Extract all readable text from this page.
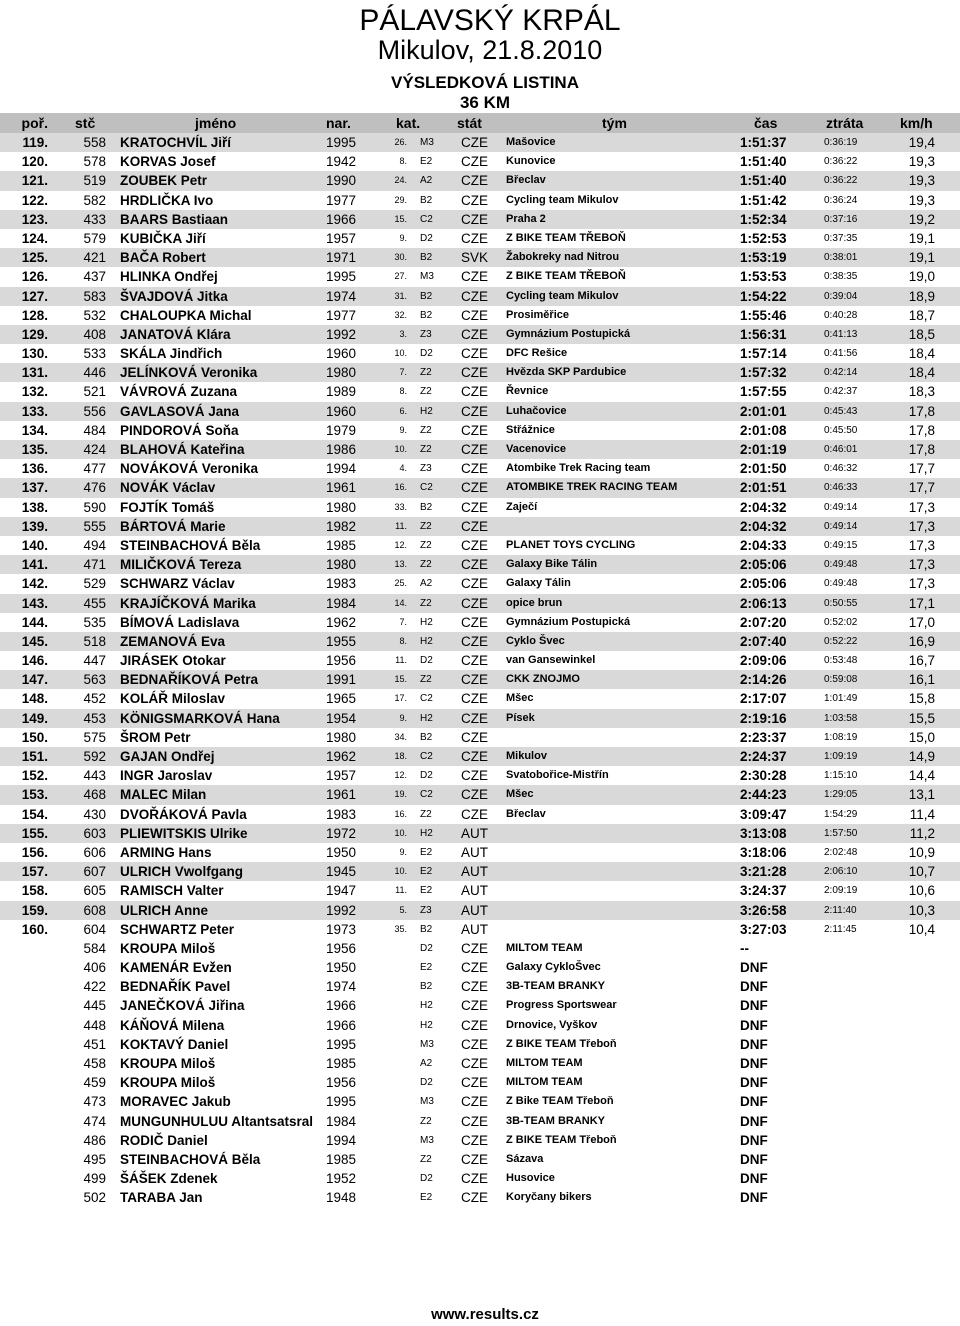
PÁLAVSKÝ KRPÁL
Mikulov, 21.8.2010
VÝSLEDKOVÁ LISTINA
36 KM
poř. stč	jméno	nar.	kat.	stát	tým	čas	ztráta	km/h
119.	558 KRATOCHVÍL Jiří	1995	26. M3 CZE Mašovice	1:51:37	0:36:19	19,4
120.	578 KORVAS Josef	1942	8. E2 CZE Kunovice	1:51:40	0:36:22	19,3
121.	519 ZOUBEK Petr	1990	24. A2 CZE Břeclav	1:51:40	0:36:22	19,3
122.	582 HRDLIČKA Ivo	1977	29. B2 CZE Cycling team Mikulov	1:51:42	0:36:24	19,3
123.	433 BAARS Bastiaan	1966	15. C2 CZE Praha 2	1:52:34	0:37:16	19,2
124.	579 KUBIČKA Jiří	1957	9. D2 CZE Z BIKE TEAM TŘEBOŇ	1:52:53	0:37:35	19,1
125.	421 BAČA Robert	1971	30. B2 SVK Žabokreky nad Nitrou	1:53:19	0:38:01	19,1
126.	437 HLINKA Ondřej	1995	27. M3 CZE Z BIKE TEAM TŘEBOŇ	1:53:53	0:38:35	19,0
127.	583 ŠVAJDOVÁ Jitka	1974	31. B2 CZE Cycling team Mikulov	1:54:22	0:39:04	18,9
128.	532 CHALOUPKA Michal	1977	32. B2 CZE Prosiměřice	1:55:46	0:40:28	18,7
129.	408 JANATOVÁ Klára	1992	3. Z3 CZE Gymnázium Postupická	1:56:31	0:41:13	18,5
130.	533 SKÁLA Jindřich	1960	10. D2 CZE DFC Rešice	1:57:14	0:41:56	18,4
131.	446 JELÍNKOVÁ Veronika	1980	7. Z2 CZE Hvězda SKP Pardubice	1:57:32	0:42:14	18,4
132.	521 VÁVROVÁ Zuzana	1989	8. Z2 CZE Řevnice	1:57:55	0:42:37	18,3
133.	556 GAVLASOVÁ Jana	1960	6. H2 CZE Luhačovice	2:01:01	0:45:43	17,8
134.	484 PINDOROVÁ Soňa	1979	9. Z2 CZE Střážnice	2:01:08	0:45:50	17,8
135.	424 BLAHOVÁ Kateřina	1986	10. Z2 CZE Vacenovice	2:01:19	0:46:01	17,8
136.	477 NOVÁKOVÁ Veronika	1994	4. Z3 CZE Atombike Trek Racing team	2:01:50	0:46:32	17,7
137.	476 NOVÁK Václav	1961	16. C2 CZE ATOMBIKE TREK RACING TEAM	2:01:51	0:46:33	17,7
138.	590 FOJTÍK Tomáš	1980	33. B2 CZE Zaječí	2:04:32	0:49:14	17,3
139.	555 BÁRTOVÁ Marie	1982	11. Z2 CZE	2:04:32	0:49:14	17,3
140.	494 STEINBACHOVÁ Běla	1985	12. Z2 CZE PLANET TOYS CYCLING	2:04:33	0:49:15	17,3
141.	471 MILIČKOVÁ Tereza	1980	13. Z2 CZE Galaxy Bike Tálin	2:05:06	0:49:48	17,3
142.	529 SCHWARZ Václav	1983	25. A2 CZE Galaxy Tálin	2:05:06	0:49:48	17,3
143.	455 KRAJÍČKOVÁ Marika	1984	14. Z2 CZE opice brun	2:06:13	0:50:55	17,1
144.	535 BÍMOVÁ Ladislava	1962	7. H2 CZE Gymnázium Postupická	2:07:20	0:52:02	17,0
145.	518 ZEMANOVÁ Eva	1955	8. H2 CZE Cyklo Švec	2:07:40	0:52:22	16,9
146.	447 JIRÁSEK Otokar	1956	11. D2 CZE van Gansewinkel	2:09:06	0:53:48	16,7
147.	563 BEDNAŘÍKOVÁ Petra	1991	15. Z2 CZE CKK ZNOJMO	2:14:26	0:59:08	16,1
148.	452 KOLÁŘ Miloslav	1965	17. C2 CZE Mšec	2:17:07	1:01:49	15,8
149.	453 KÖNIGSMARKOVÁ Hana	1954	9. H2 CZE Písek	2:19:16	1:03:58	15,5
150.	575 ŠROM Petr	1980	34. B2 CZE	2:23:37	1:08:19	15,0
151.	592 GAJAN Ondřej	1962	18. C2 CZE Mikulov	2:24:37	1:09:19	14,9
152.	443 INGR Jaroslav	1957	12. D2 CZE Svatobořice-Mistřín	2:30:28	1:15:10	14,4
153.	468 MALEC Milan	1961	19. C2 CZE Mšec	2:44:23	1:29:05	13,1
154.	430 DVOŘÁKOVÁ Pavla	1983	16. Z2 CZE Břeclav	3:09:47	1:54:29	11,4
155.	603 PLIEWITSKIS Ulrike	1972	10. H2 AUT	3:13:08	1:57:50	11,2
156.	606 ARMING Hans	1950	9. E2 AUT	3:18:06	2:02:48	10,9
157.	607 ULRICH Vwolfgang	1945	10. E2 AUT	3:21:28	2:06:10	10,7
158.	605 RAMISCH Valter	1947	11. E2 AUT	3:24:37	2:09:19	10,6
159.	608 ULRICH Anne	1992	5. Z3 AUT	3:26:58	2:11:40	10,3
160.	604 SCHWARTZ Peter	1973	35. B2 AUT	3:27:03	2:11:45	10,4
584 KROUPA Miloš	1956	D2 CZE MILTOM TEAM	--
406 KAMENÁR Evžen	1950	E2 CZE Galaxy CykloŠvec	DNF
422 BEDNAŘÍK Pavel	1974	B2 CZE 3B-TEAM BRANKY	DNF
445 JANEČKOVÁ Jiřina	1966	H2 CZE Progress Sportswear	DNF
448 KÁŇOVÁ Milena	1966	H2 CZE Drnovice, Vyškov	DNF
451 KOKTAVÝ Daniel	1995	M3 CZE Z BIKE TEAM Třeboň	DNF
458 KROUPA Miloš	1985	A2 CZE MILTOM TEAM	DNF
459 KROUPA Miloš	1956	D2 CZE MILTOM TEAM	DNF
473 MORAVEC Jakub	1995	M3 CZE Z Bike TEAM Třeboň	DNF
474 MUNGUNHULUU Altantsatsral 1984	Z2 CZE 3B-TEAM BRANKY	DNF
486 RODIČ Daniel	1994	M3 CZE Z BIKE TEAM Třeboň	DNF
495 STEINBACHOVÁ Běla	1985	Z2 CZE Sázava	DNF
499 ŠÁŠEK Zdenek	1952	D2 CZE Husovice	DNF
502 TARABA Jan	1948	E2 CZE Koryčany bikers	DNF
www.results.cz
